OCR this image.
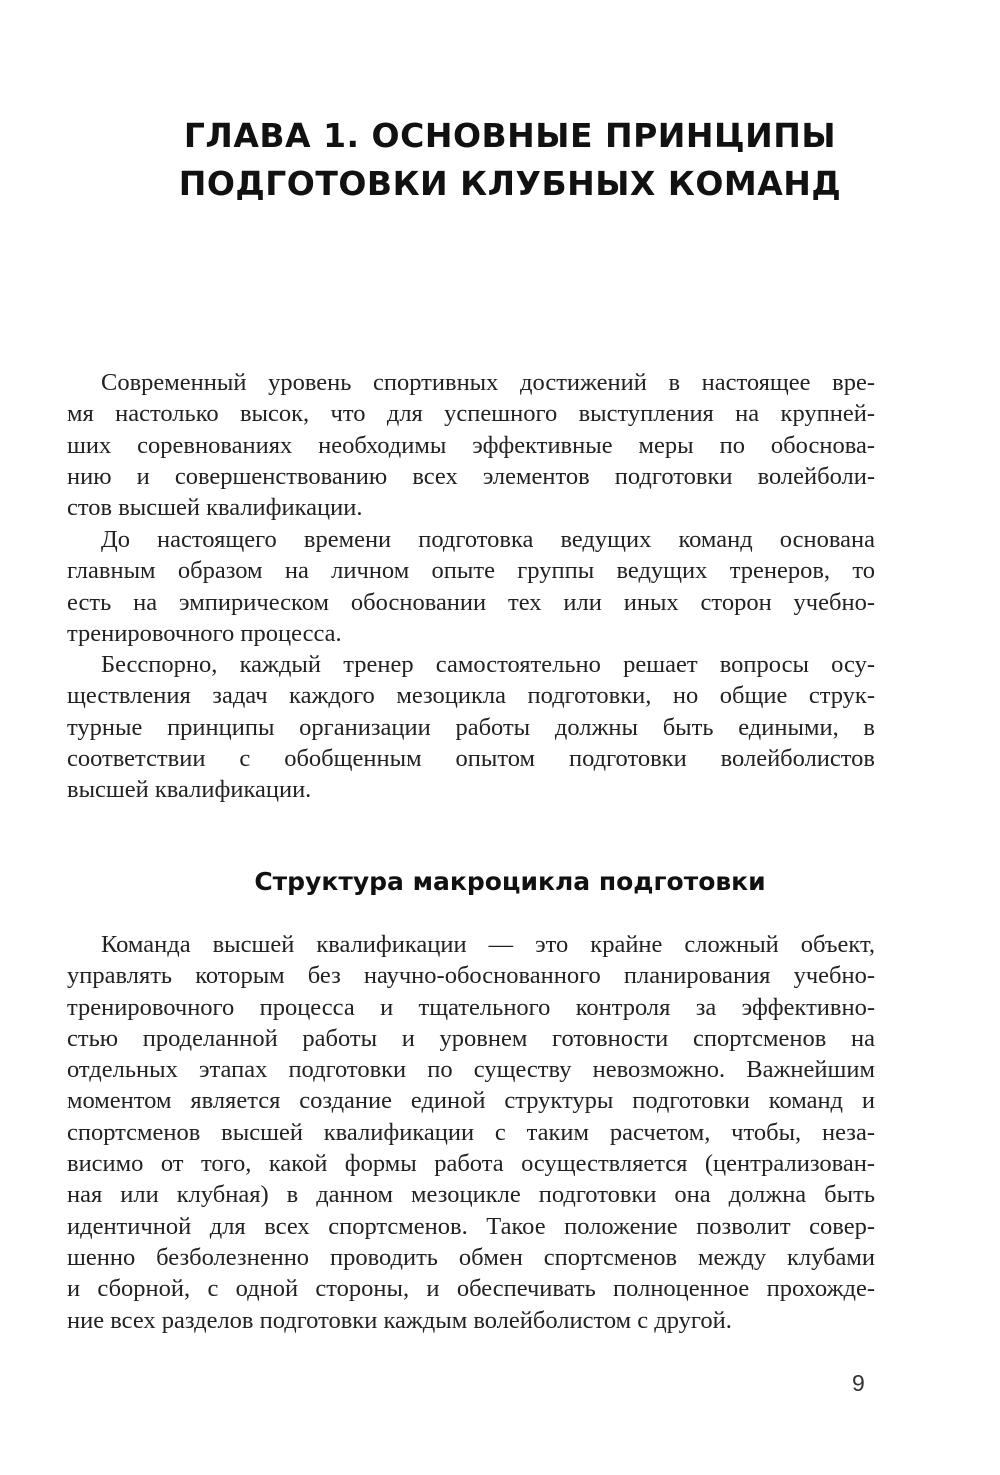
ГЛАВА 1. ОСНОВНЫЕ ПРИНЦИПЫ
ПОДГОТОВКИ КЛУБНЫХ КОМАНД

Современный уровень спортивных достижений в настоящее вре-
мя настолько высок, что для успешного выступления на крупней-
ших соревнованиях необходимы эффективные меры по обоснова-
нию и совершенствованию всех элементов подготовки волейболи-
стов высшей квалификации.

До настоящего времени подготовка ведущих команд основана
главным образом на личном опыте группы ведущих тренеров, то
есть на эмпирическом обосновании тех или иных сторон учебно-
тренировочного процесса.

Бесспорно, каждый тренер самостоятельно решает вопросы осу-
ществления задач каждого мезоцикла подготовки, но общие струк-
турные принципы организации работы должны быть едиными, в
соответствии с обобщенным опытом подготовки волейболистов
высшей квалификации.

Структура макроцикла подготовки

Команда высшей квалификации — это крайне сложный объект,
управлять которым без научно-обоснованного планирования учебно-
тренировочного процесса и тщательного контроля за эффективно-
стью проделанной работы и уровнем готовности спортсменов на
отдельных этапах подготовки по существу невозможно. Важнейшим
моментом является создание единой структуры подготовки команд и
спортсменов высшей квалификации с таким расчетом, чтобы, неза-
висимо от того, какой формы работа осуществляется (централизован-
ная или клубная) в данном мезоцикле подготовки она должна быть
идентичной для всех спортсменов. Такое положение позволит совер-
шенно безболезненно проводить обмен спортсменов между клубами
и сборной, с одной стороны, и обеспечивать полноценное прохожде-
ние всех разделов подготовки каждым волейболистом с другой.

9
